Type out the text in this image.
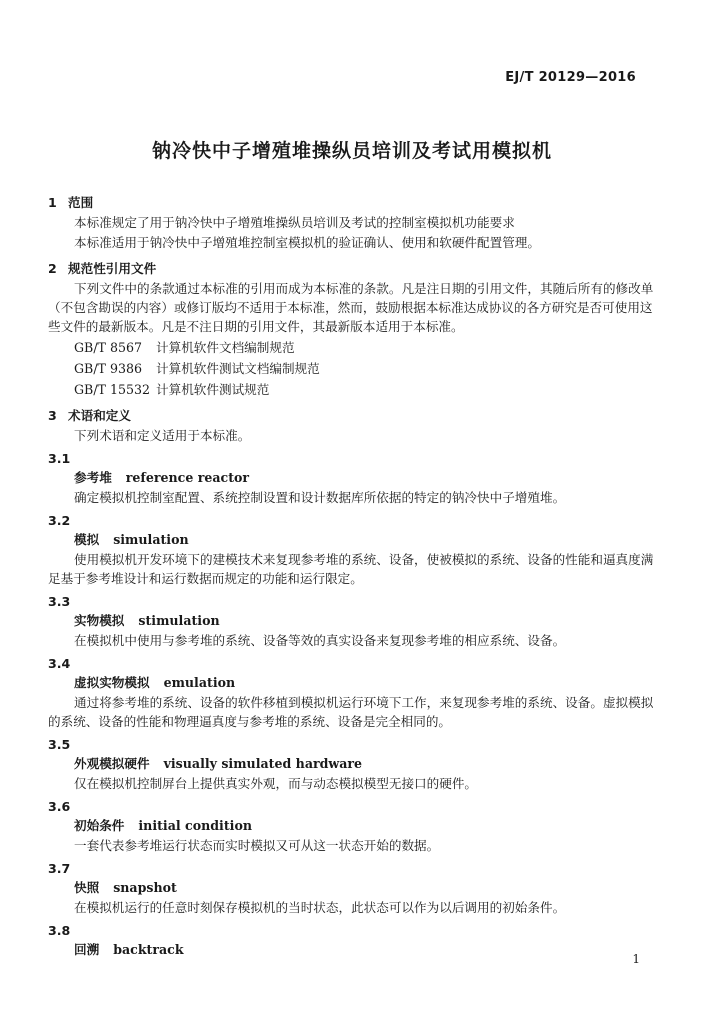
EJ/T 20129—2016
钠冷快中子增殖堆操纵员培训及考试用模拟机
1 范围
本标准规定了用于钠冷快中子增殖堆操纵员培训及考试的控制室模拟机功能要求
本标准适用于钠冷快中子增殖堆控制室模拟机的验证确认、使用和软硬件配置管理。
2 规范性引用文件
下列文件中的条款通过本标准的引用而成为本标准的条款。凡是注日期的引用文件，其随后所有的修改单（不包含勘误的内容）或修订版均不适用于本标准，然而，鼓励根据本标准达成协议的各方研究是否可使用这些文件的最新版本。凡是不注日期的引用文件，其最新版本适用于本标准。
GB/T 8567 计算机软件文档编制规范
GB/T 9386 计算机软件测试文档编制规范
GB/T 15532 计算机软件测试规范
3 术语和定义
下列术语和定义适用于本标准。
3.1
参考堆 reference reactor
确定模拟机控制室配置、系统控制设置和设计数据库所依据的特定的钠冷快中子增殖堆。
3.2
模拟 simulation
使用模拟机开发环境下的建模技术来复现参考堆的系统、设备，使被模拟的系统、设备的性能和逼真度满足基于参考堆设计和运行数据而规定的功能和运行限定。
3.3
实物模拟 stimulation
在模拟机中使用与参考堆的系统、设备等效的真实设备来复现参考堆的相应系统、设备。
3.4
虚拟实物模拟 emulation
通过将参考堆的系统、设备的软件移植到模拟机运行环境下工作，来复现参考堆的系统、设备。虚拟模拟的系统、设备的性能和物理逼真度与参考堆的系统、设备是完全相同的。
3.5
外观模拟硬件 visually simulated hardware
仅在模拟机控制屏台上提供真实外观，而与动态模拟模型无接口的硬件。
3.6
初始条件 initial condition
一套代表参考堆运行状态而实时模拟又可从这一状态开始的数据。
3.7
快照 snapshot
在模拟机运行的任意时刻保存模拟机的当时状态，此状态可以作为以后调用的初始条件。
3.8
回溯 backtrack
1
